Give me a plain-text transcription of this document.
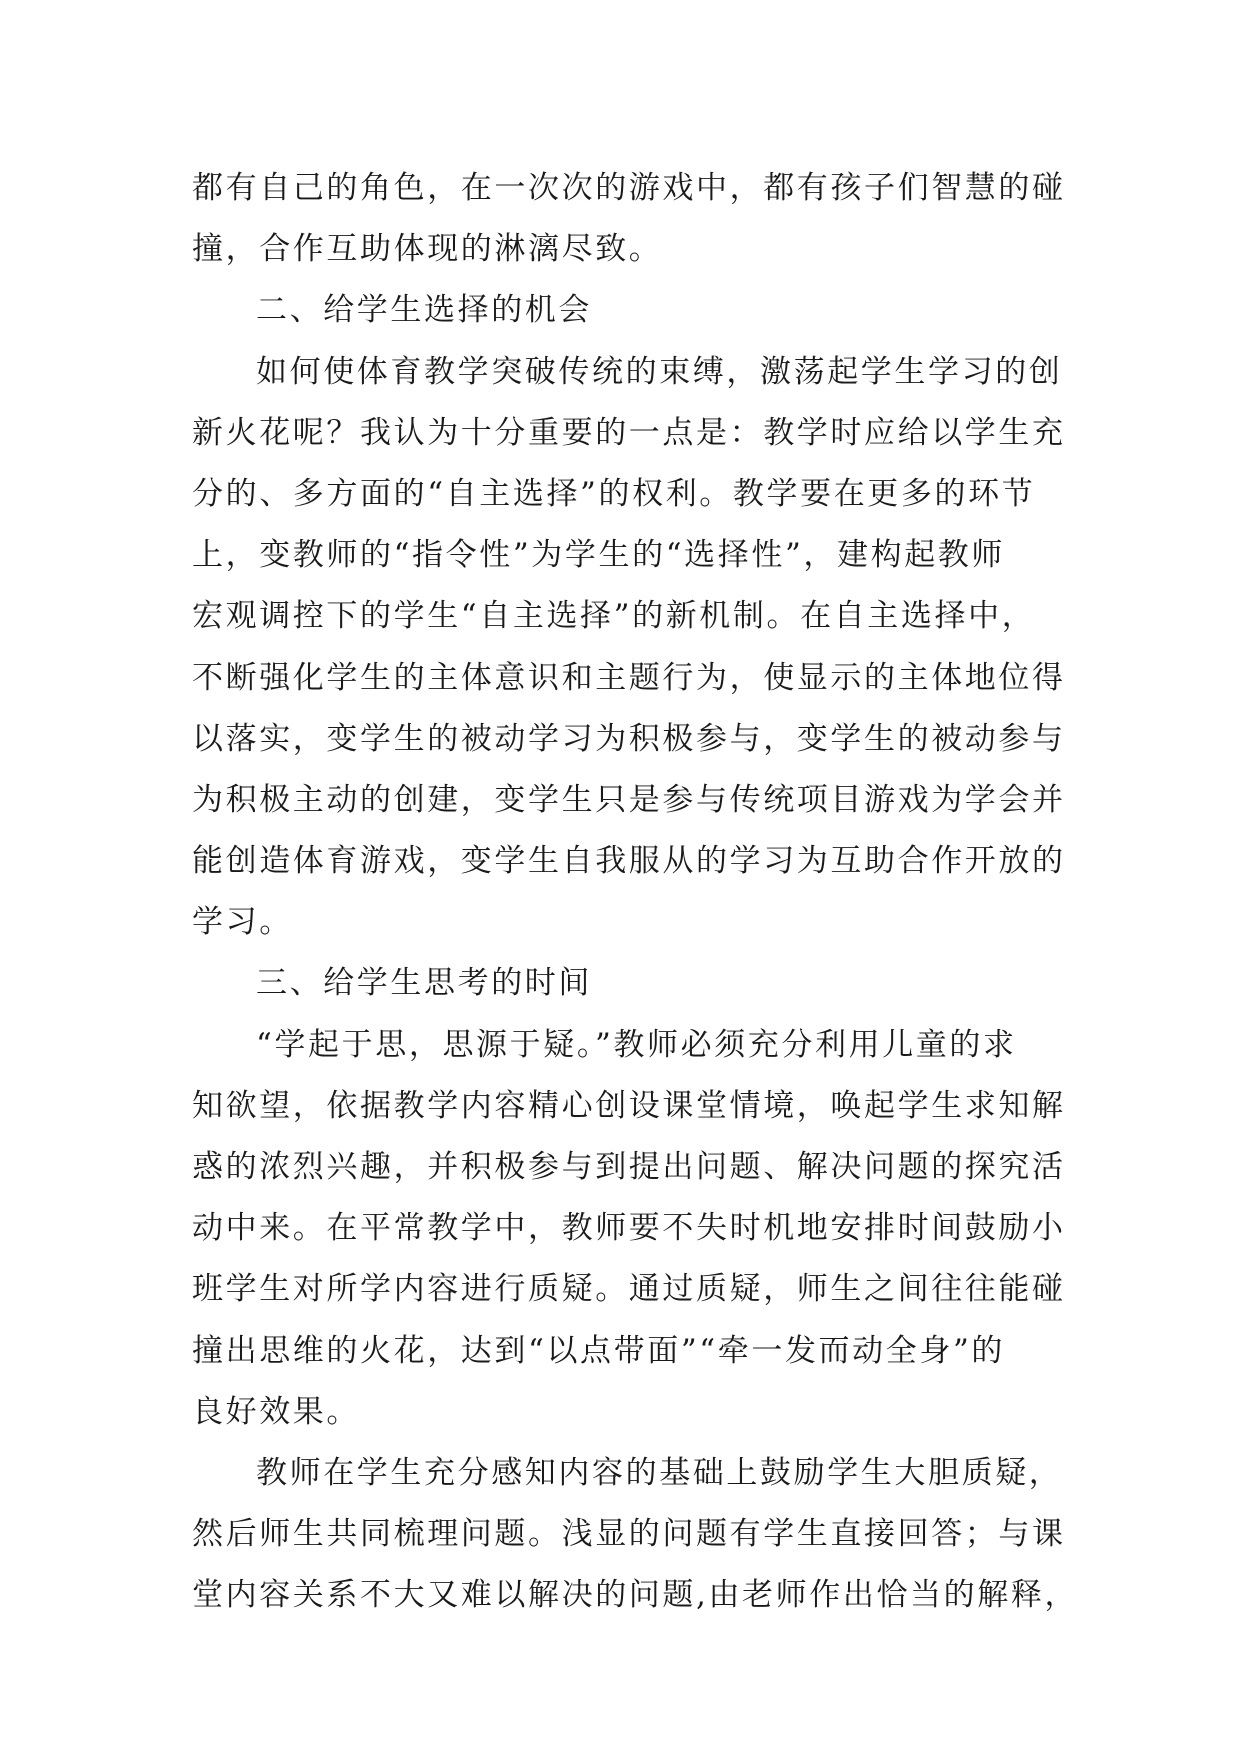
都有自己的角色，在一次次的游戏中，都有孩子们智慧的碰
撞，合作互助体现的淋漓尽致。
二、给学生选择的机会
如何使体育教学突破传统的束缚，激荡起学生学习的创
新火花呢？我认为十分重要的一点是：教学时应给以学生充
分的、多方面的“自主选择”的权利。教学要在更多的环节
上，变教师的“指令性”为学生的“选择性”，建构起教师
宏观调控下的学生“自主选择”的新机制。在自主选择中，
不断强化学生的主体意识和主题行为，使显示的主体地位得
以落实，变学生的被动学习为积极参与，变学生的被动参与
为积极主动的创建，变学生只是参与传统项目游戏为学会并
能创造体育游戏，变学生自我服从的学习为互助合作开放的
学习。
三、给学生思考的时间
“学起于思，思源于疑。”教师必须充分利用儿童的求
知欲望，依据教学内容精心创设课堂情境，唤起学生求知解
惑的浓烈兴趣，并积极参与到提出问题、解决问题的探究活
动中来。在平常教学中，教师要不失时机地安排时间鼓励小
班学生对所学内容进行质疑。通过质疑，师生之间往往能碰
撞出思维的火花，达到“以点带面”“牵一发而动全身”的
良好效果。
教师在学生充分感知内容的基础上鼓励学生大胆质疑，
然后师生共同梳理问题。浅显的问题有学生直接回答；与课
堂内容关系不大又难以解决的问题,由老师作出恰当的解释，
